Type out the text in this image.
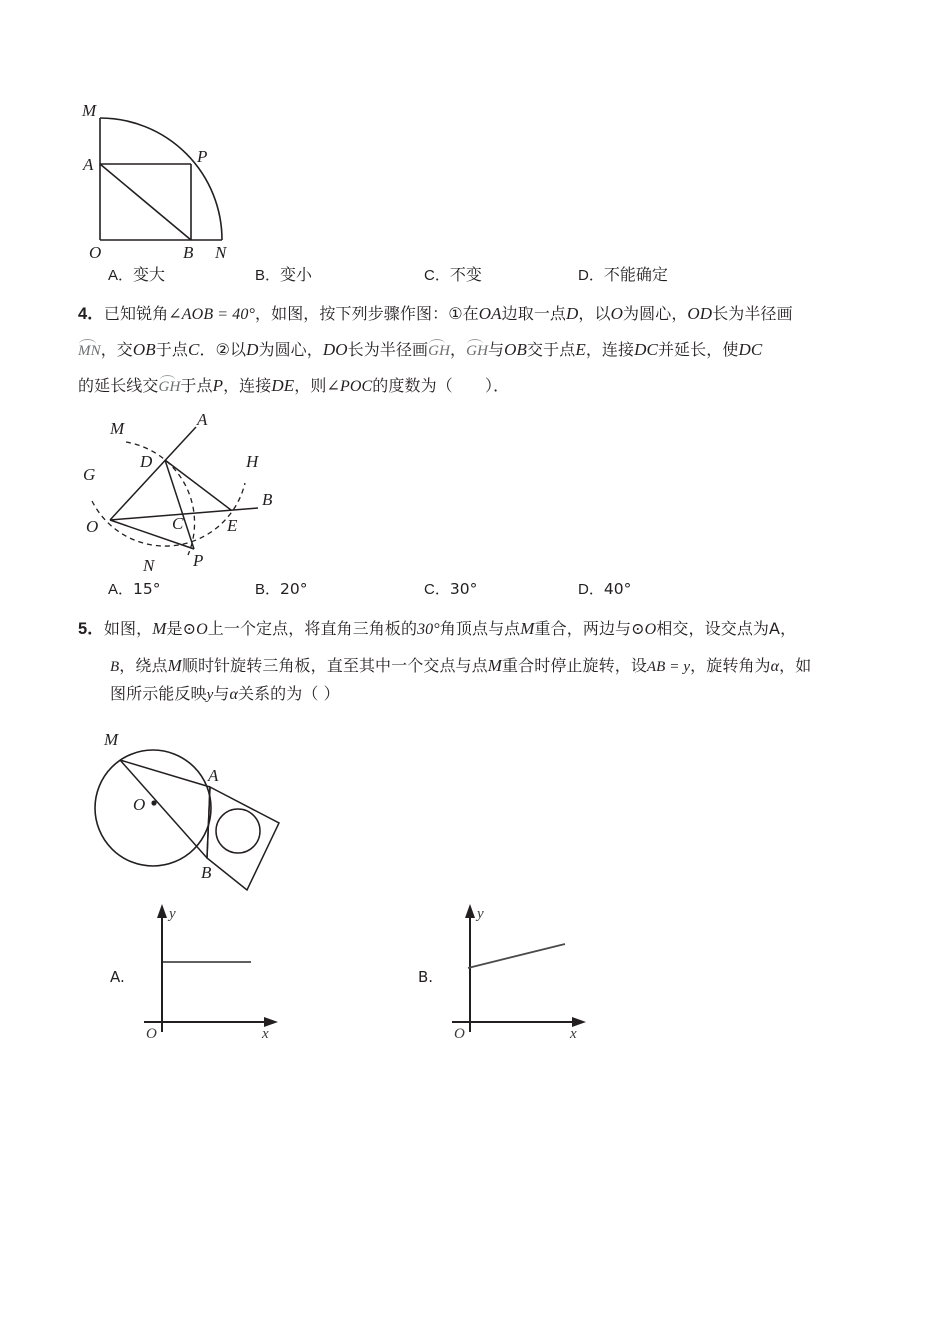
M
A	P
O	B N
A．变大	B．变小	C．不变	D．不能确定
4．已知锐角∠AOB = 40°，如图，按下列步骤作图：①在OA边取一点D，以O为圆心，OD长为半径画
MN，交OB于点C．②以D为圆心，DO长为半径画GH，GH与OB交于点E，连接DC并延长，使DC
的延长线交GH于点P，连接DE，则∠POC的度数为（　　）．
M	A
D	H
G
B
O	C	E
P
N
A．15°	B．20°	C．30°	D．40°
5．如图，M是⊙O上一个定点，将直角三角板的30°角顶点与点M重合，两边与⊙O相交，设交点为A，
B，绕点M顺时针旋转三角板，直至其中一个交点与点M重合时停止旋转，设AB = y，旋转角为α，如
图所示能反映y与α关系的为（ ）
M
A
O
B
A.
y
x
O
B.
y
x
O
